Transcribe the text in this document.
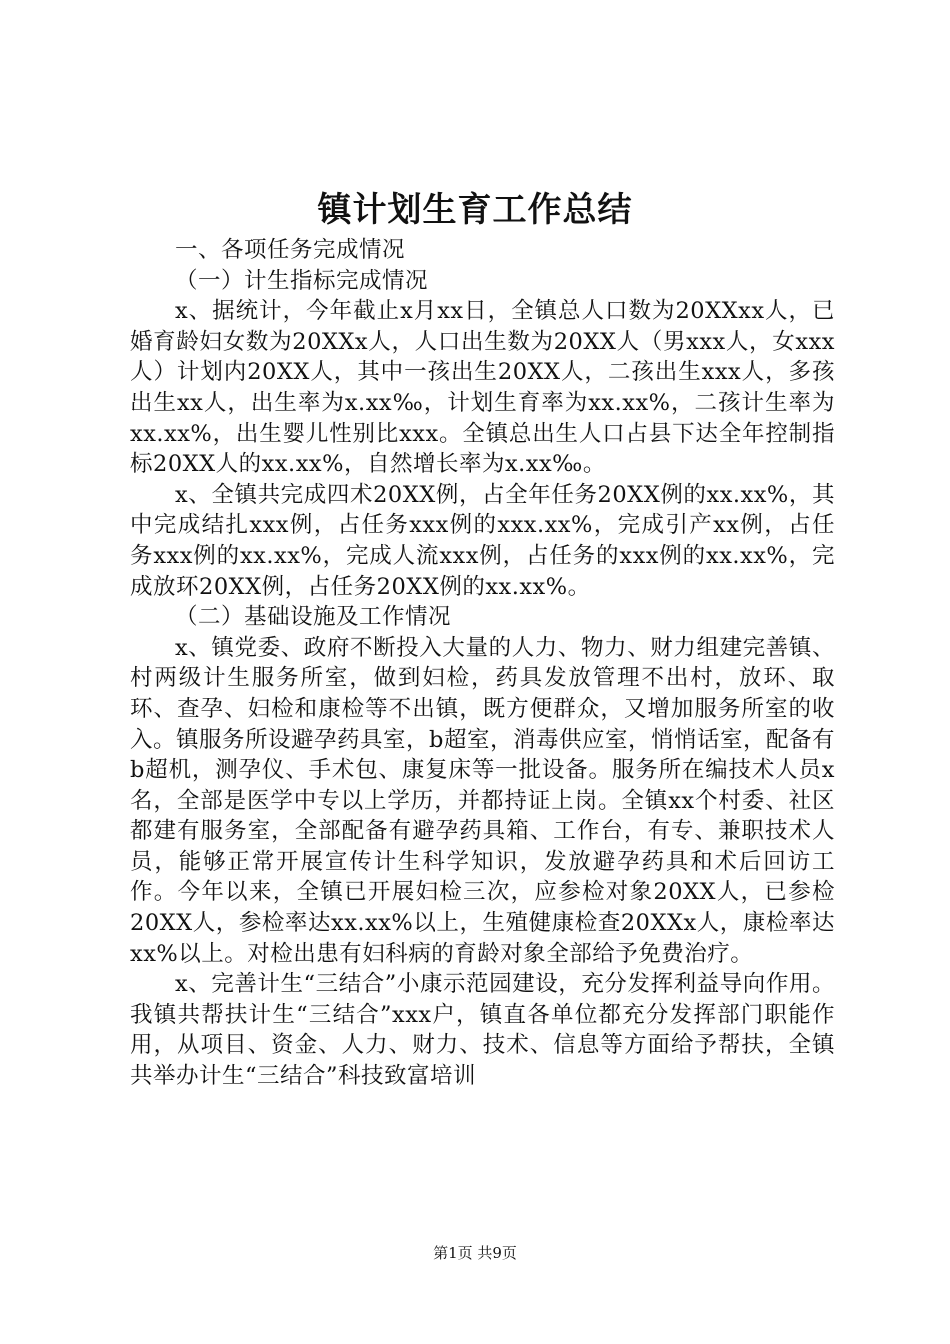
镇计划生育工作总结

一、各项任务完成情况

（一）计生指标完成情况

x、据统计，今年截止x月xx日，全镇总人口数为20XXxx人，已婚育龄妇女数为20XXx人，人口出生数为20XX人（男xxx人，女xxx人）计划内20XX人，其中一孩出生20XX人，二孩出生xxx人，多孩出生xx人，出生率为x.xx‰，计划生育率为xx.xx%，二孩计生率为xx.xx%，出生婴儿性别比xxx。全镇总出生人口占县下达全年控制指标20XX人的xx.xx%，自然增长率为x.xx‰。

x、全镇共完成四术20XX例，占全年任务20XX例的xx.xx%，其中完成结扎xxx例，占任务xxx例的xxx.xx%，完成引产xx例，占任务xxx例的xx.xx%，完成人流xxx例，占任务的xxx例的xx.xx%，完成放环20XX例，占任务20XX例的xx.xx%。

（二）基础设施及工作情况

x、镇党委、政府不断投入大量的人力、物力、财力组建完善镇、村两级计生服务所室，做到妇检，药具发放管理不出村，放环、取环、查孕、妇检和康检等不出镇，既方便群众，又增加服务所室的收入。镇服务所设避孕药具室，b超室，消毒供应室，悄悄话室，配备有b超机，测孕仪、手术包、康复床等一批设备。服务所在编技术人员x名，全部是医学中专以上学历，并都持证上岗。全镇xx个村委、社区都建有服务室，全部配备有避孕药具箱、工作台，有专、兼职技术人员，能够正常开展宣传计生科学知识，发放避孕药具和术后回访工作。今年以来，全镇已开展妇检三次，应参检对象20XX人，已参检20XX人，参检率达xx.xx%以上，生殖健康检查20XXx人，康检率达xx%以上。对检出患有妇科病的育龄对象全部给予免费治疗。

x、完善计生“三结合”小康示范园建设，充分发挥利益导向作用。我镇共帮扶计生“三结合”xxx户，镇直各单位都充分发挥部门职能作用，从项目、资金、人力、财力、技术、信息等方面给予帮扶，全镇共举办计生“三结合”科技致富培训

第1页 共9页
